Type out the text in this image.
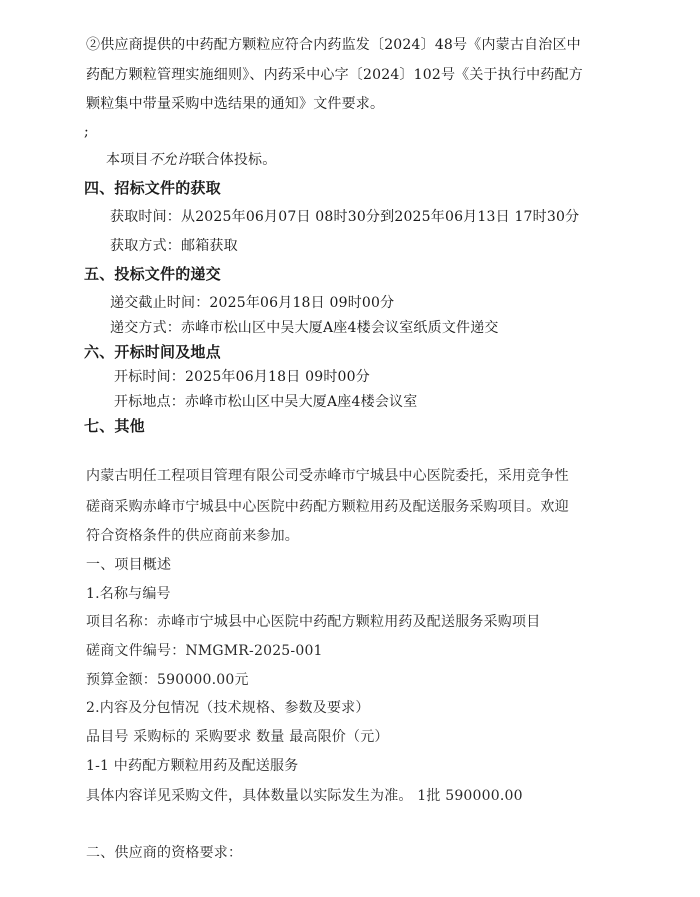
②供应商提供的中药配方颗粒应符合内药监发〔2024〕48号《内蒙古自治区中
药配方颗粒管理实施细则》、内药采中心字〔2024〕102号《关于执行中药配方
颗粒集中带量采购中选结果的通知》文件要求。
;
本项目不允许联合体投标。
四、招标文件的获取
获取时间：从2025年06月07日 08时30分到2025年06月13日 17时30分
获取方式：邮箱获取
五、投标文件的递交
递交截止时间：2025年06月18日 09时00分
递交方式：赤峰市松山区中吴大厦A座4楼会议室纸质文件递交
六、开标时间及地点
开标时间：2025年06月18日 09时00分
开标地点：赤峰市松山区中吴大厦A座4楼会议室
七、其他
内蒙古明任工程项目管理有限公司受赤峰市宁城县中心医院委托，采用竞争性
磋商采购赤峰市宁城县中心医院中药配方颗粒用药及配送服务采购项目。欢迎
符合资格条件的供应商前来参加。
一、项目概述
1.名称与编号
项目名称：赤峰市宁城县中心医院中药配方颗粒用药及配送服务采购项目
磋商文件编号：NMGMR-2025-001
预算金额：590000.00元
2.内容及分包情况（技术规格、参数及要求）
品目号 采购标的 采购要求 数量 最高限价（元）
1-1 中药配方颗粒用药及配送服务
具体内容详见采购文件，具体数量以实际发生为准。 1批 590000.00
二、供应商的资格要求：
